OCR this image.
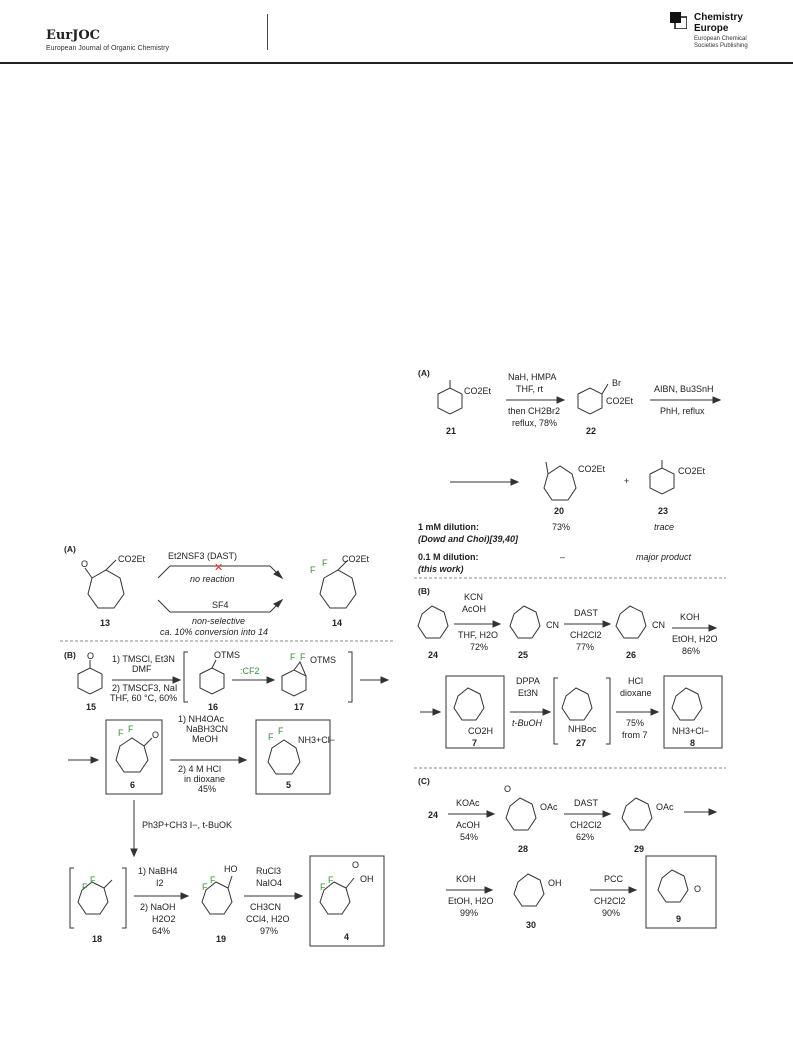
EurJOC
European Journal of Organic Chemistry
Chemistry
Europe
European Chemical
Societies Publishing
(A)
O	CO2Et
13
Et2NSF3 (DAST)
✕
no reaction
SF4
non-selective
ca. 10% conversion into 14
F
F CO2Et
14
(B) O
15
1) TMSCl, Et3N
DMF
2) TMSCF3, NaI
THF, 60 °C, 60%
OTMS
16
:CF2
F F OTMS
17
O
F F
6
1) NH4OAc
NaBH3CN
MeOH
2) 4 M HCl
in dioxane
45%
F
F
NH3+Cl−
5
Ph3P+CH3 I−, t-BuOK
F
F
18
1) NaBH4
I2
2) NaOH
H2O2
64%
HO
F
F
19
RuCl3
NaIO4
CH3CN
CCl4, H2O
97%
O
OH
F
F
4
(A)
CO2Et
21
NaH, HMPA
THF, rt
then CH2Br2
reflux, 78%
Br
CO2Et
22
AIBN, Bu3SnH
PhH, reflux
CO2Et
20
+
CO2Et
23
1 mM dilution:
(Dowd and Choi)[39,40]
73%	trace
0.1 M dilution:
(this work)
–	major product
(B)
24
KCN
AcOH
THF, H2O
72%
CN
25
DAST
CH2Cl2
77%
CN
26
KOH
EtOH, H2O
86%
CO2H
7
DPPA
Et3N
t-BuOH
NHBoc
27
HCl
dioxane
75%
from 7	NH3+Cl−
8
(C)
24
KOAc
AcOH
54%
O
OAc
28
DAST
CH2Cl2
62%
OAc
29
KOH
EtOH, H2O
99%
OH
30
PCC
CH2Cl2
90%
O
9
